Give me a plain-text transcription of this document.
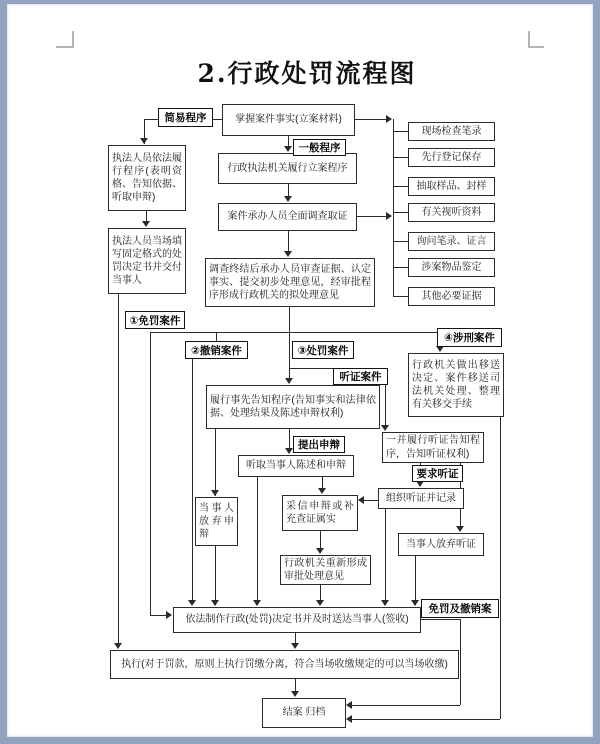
2.行政处罚流程图
掌握案件事实(立案材料)
行政执法机关履行立案程序
案件承办人员全面调查取证
调查终结后承办人员审查证据、认定事实、提交初步处理意见，经审批程序形成行政机关的拟处理意见
执法人员依法履行程序(表明资格、告知依据、听取申辩)
执法人员当场填写固定格式的处罚决定书并交付当事人
现场检查笔录
先行登记保存
抽取样品、封样
有关视听资料
询问笔录、证言
涉案物品鉴定
其他必要证据
行政机关做出移送决定、案件移送司法机关处理、整理有关移交手续
履行事先告知程序(告知事实和法律依据、处理结果及陈述申辩权利)
听取当事人陈述和申辩
当事人放弃申辩
采信申辩或补充查证属实
行政机关重新形成审批处理意见
一并履行听证告知程序，告知听证权利)
组织听证并记录
当事人放弃听证
依法制作行政(处罚)决定书并及时送达当事人(签收)
执行(对于罚款，原则上执行罚缴分离，符合当场收缴规定的可以当场收缴)
结案 归档
简易程序
一般程序
①免罚案件
②撤销案件	③处罚案件
④涉刑案件
听证案件
提出申辩
要求听证
免罚及撤销案
